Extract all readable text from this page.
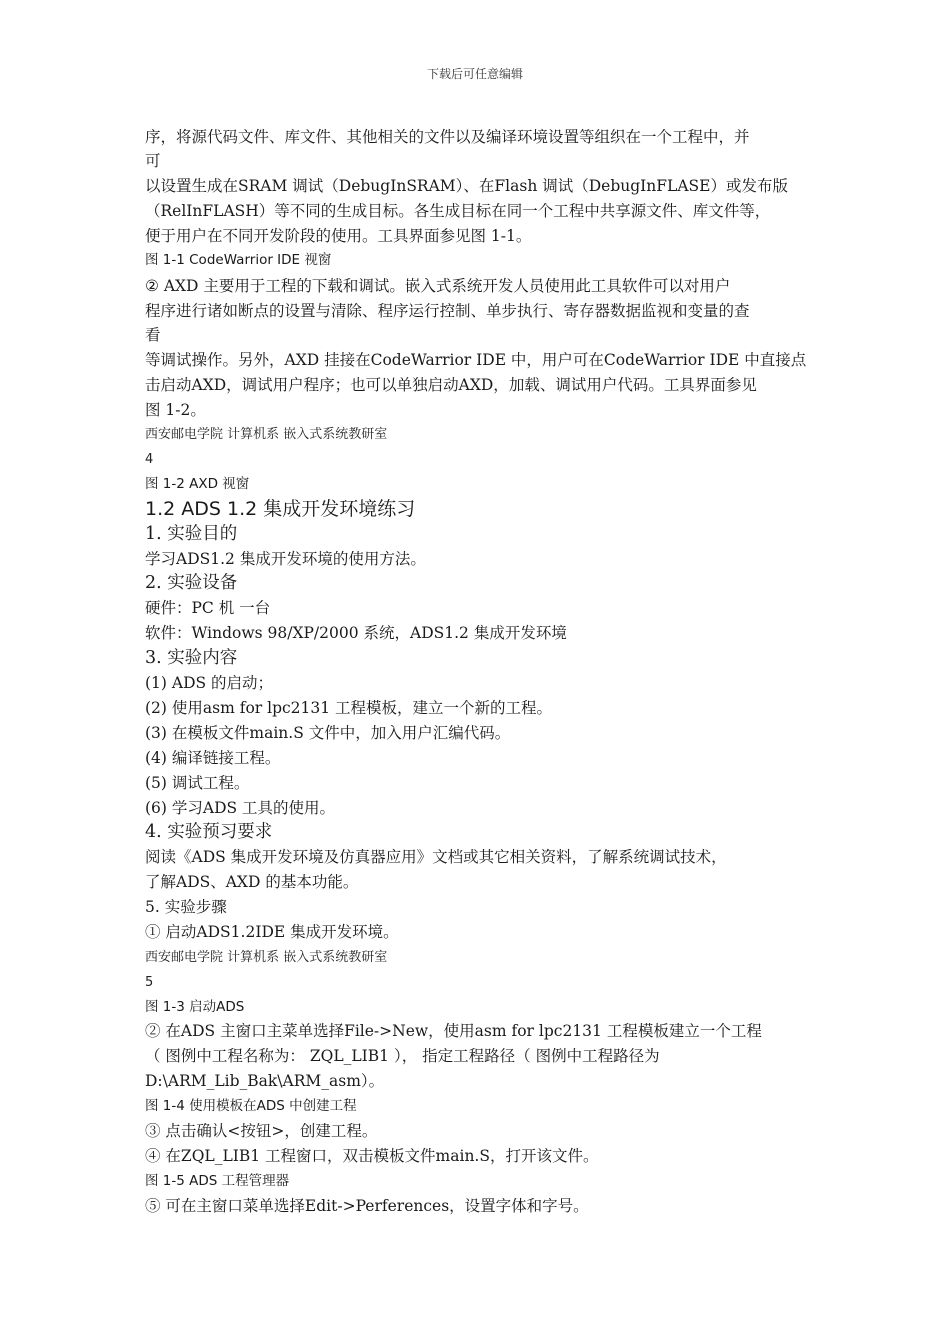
下载后可任意编辑
序，将源代码文件、库文件、其他相关的文件以及编译环境设置等组织在一个工程中，并
可
以设置生成在SRAM 调试（DebugInSRAM）、在Flash 调试（DebugInFLASE）或发布版
（RelInFLASH）等不同的生成目标。各生成目标在同一个工程中共享源文件、库文件等，
便于用户在不同开发阶段的使用。工具界面参见图 1-1。
图 1-1 CodeWarrior IDE 视窗
② AXD 主要用于工程的下载和调试。嵌入式系统开发人员使用此工具软件可以对用户
程序进行诸如断点的设置与清除、程序运行控制、单步执行、寄存器数据监视和变量的查
看
等调试操作。另外，AXD 挂接在CodeWarrior IDE 中，用户可在CodeWarrior IDE 中直接点
击启动AXD，调试用户程序；也可以单独启动AXD，加载、调试用户代码。工具界面参见
图 1-2。
西安邮电学院 计算机系 嵌入式系统教研室
4
图 1-2 AXD 视窗
1.2 ADS 1.2 集成开发环境练习
1. 实验目的
学习ADS1.2 集成开发环境的使用方法。
2. 实验设备
硬件：PC 机 一台
软件：Windows 98/XP/2000 系统，ADS1.2 集成开发环境
3. 实验内容
(1) ADS 的启动；
(2) 使用asm for lpc2131 工程模板，建立一个新的工程。
(3) 在模板文件main.S 文件中，加入用户汇编代码。
(4) 编译链接工程。
(5) 调试工程。
(6) 学习ADS 工具的使用。
4. 实验预习要求
阅读《ADS 集成开发环境及仿真器应用》文档或其它相关资料，了解系统调试技术，
了解ADS、AXD 的基本功能。
5. 实验步骤
① 启动ADS1.2IDE 集成开发环境。
西安邮电学院 计算机系 嵌入式系统教研室
5
图 1-3 启动ADS
② 在ADS 主窗口主菜单选择File->New，使用asm for lpc2131 工程模板建立一个工程
（ 图例中工程名称为： ZQL_LIB1 ）， 指定工程路径（ 图例中工程路径为
D:\ARM_Lib_Bak\ARM_asm）。
图 1-4 使用模板在ADS 中创建工程
③ 点击确认<按钮>，创建工程。
④ 在ZQL_LIB1 工程窗口，双击模板文件main.S，打开该文件。
图 1-5 ADS 工程管理器
⑤ 可在主窗口菜单选择Edit->Perferences，设置字体和字号。
